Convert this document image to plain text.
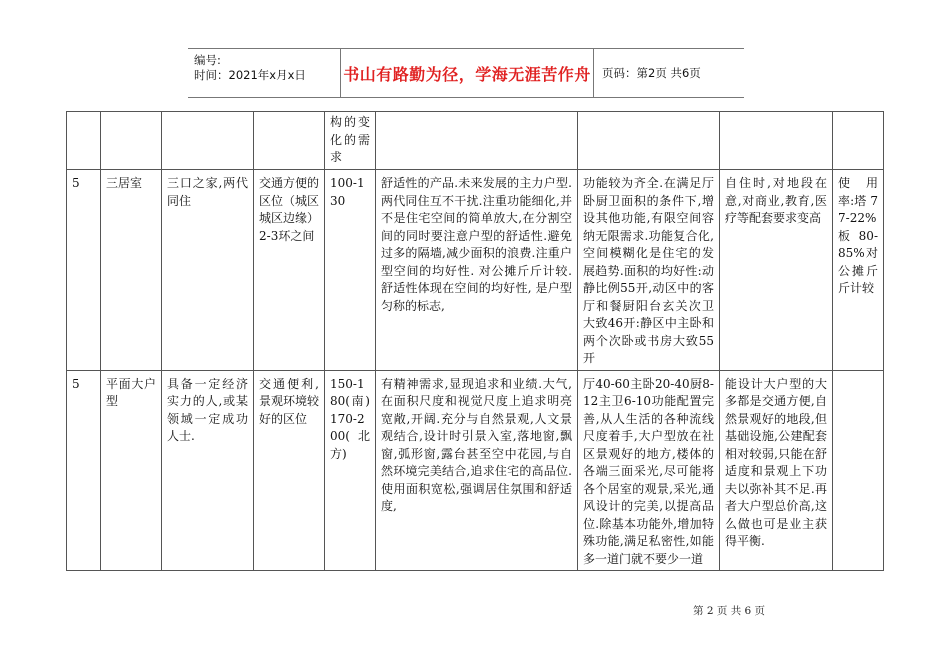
编号:
时间：2021年x月x日 书山有路勤为径，学海无涯苦作舟 页码：第2页 共6页
				构的变化的需求				
5	三居室	三口之家,两代同住	交通方便的区位（城区 城区边缘）2-3环之间	100-130	舒适性的产品.未来发展的主力户型.两代同住互不干扰.注重功能细化,并不是住宅空间的简单放大,在分割空间的同时要注意户型的舒适性.避免过多的隔墙,减少面积的浪费.注重户型空间的均好性. 对公摊斤斤计较. 舒适性体现在空间的均好性, 是户型匀称的标志,	功能较为齐全.在满足厅卧厨卫面积的条件下,增设其他功能,有限空间容纳无限需求.功能复合化,空间模糊化是住宅的发展趋势.面积的均好性:动静比例55开,动区中的客厅和餐厨阳台玄关次卫大致46开:静区中主卧和两个次卧或书房大致55开	自住时,对地段在意,对商业,教育,医疗等配套要求变高	使用率:塔 77-22%板 80-85%对公摊斤斤计较
5	平面大户型	具备一定经济实力的人,或某领域一定成功人士.	交通便利,景观环境较好的区位	150-180(南)170-200( 北方)	有精神需求,显现追求和业绩.大气,在面积尺度和视觉尺度上追求明亮宽敞,开阔.充分与自然景观,人文景观结合,设计时引景入室,落地窗,飘窗,弧形窗,露台甚至空中花园,与自然环境完美结合,追求住宅的高品位.使用面积宽松,强调居住氛围和舒适度,	厅40-60主卧20-40厨8-12主卫6-10功能配置完善,从人生活的各种流线尺度着手,大户型放在社区景观好的地方,楼体的各端三面采光,尽可能将各个居室的观景,采光,通风设计的完美,以提高品位.除基本功能外,增加特殊功能,满足私密性,如能多一道门就不要少一道	能设计大户型的大多都是交通方便,自然景观好的地段,但基础设施,公建配套相对较弱,只能在舒适度和景观上下功夫以弥补其不足.再者大户型总价高,这么做也可是业主获得平衡.	
第 2 页 共 6 页
